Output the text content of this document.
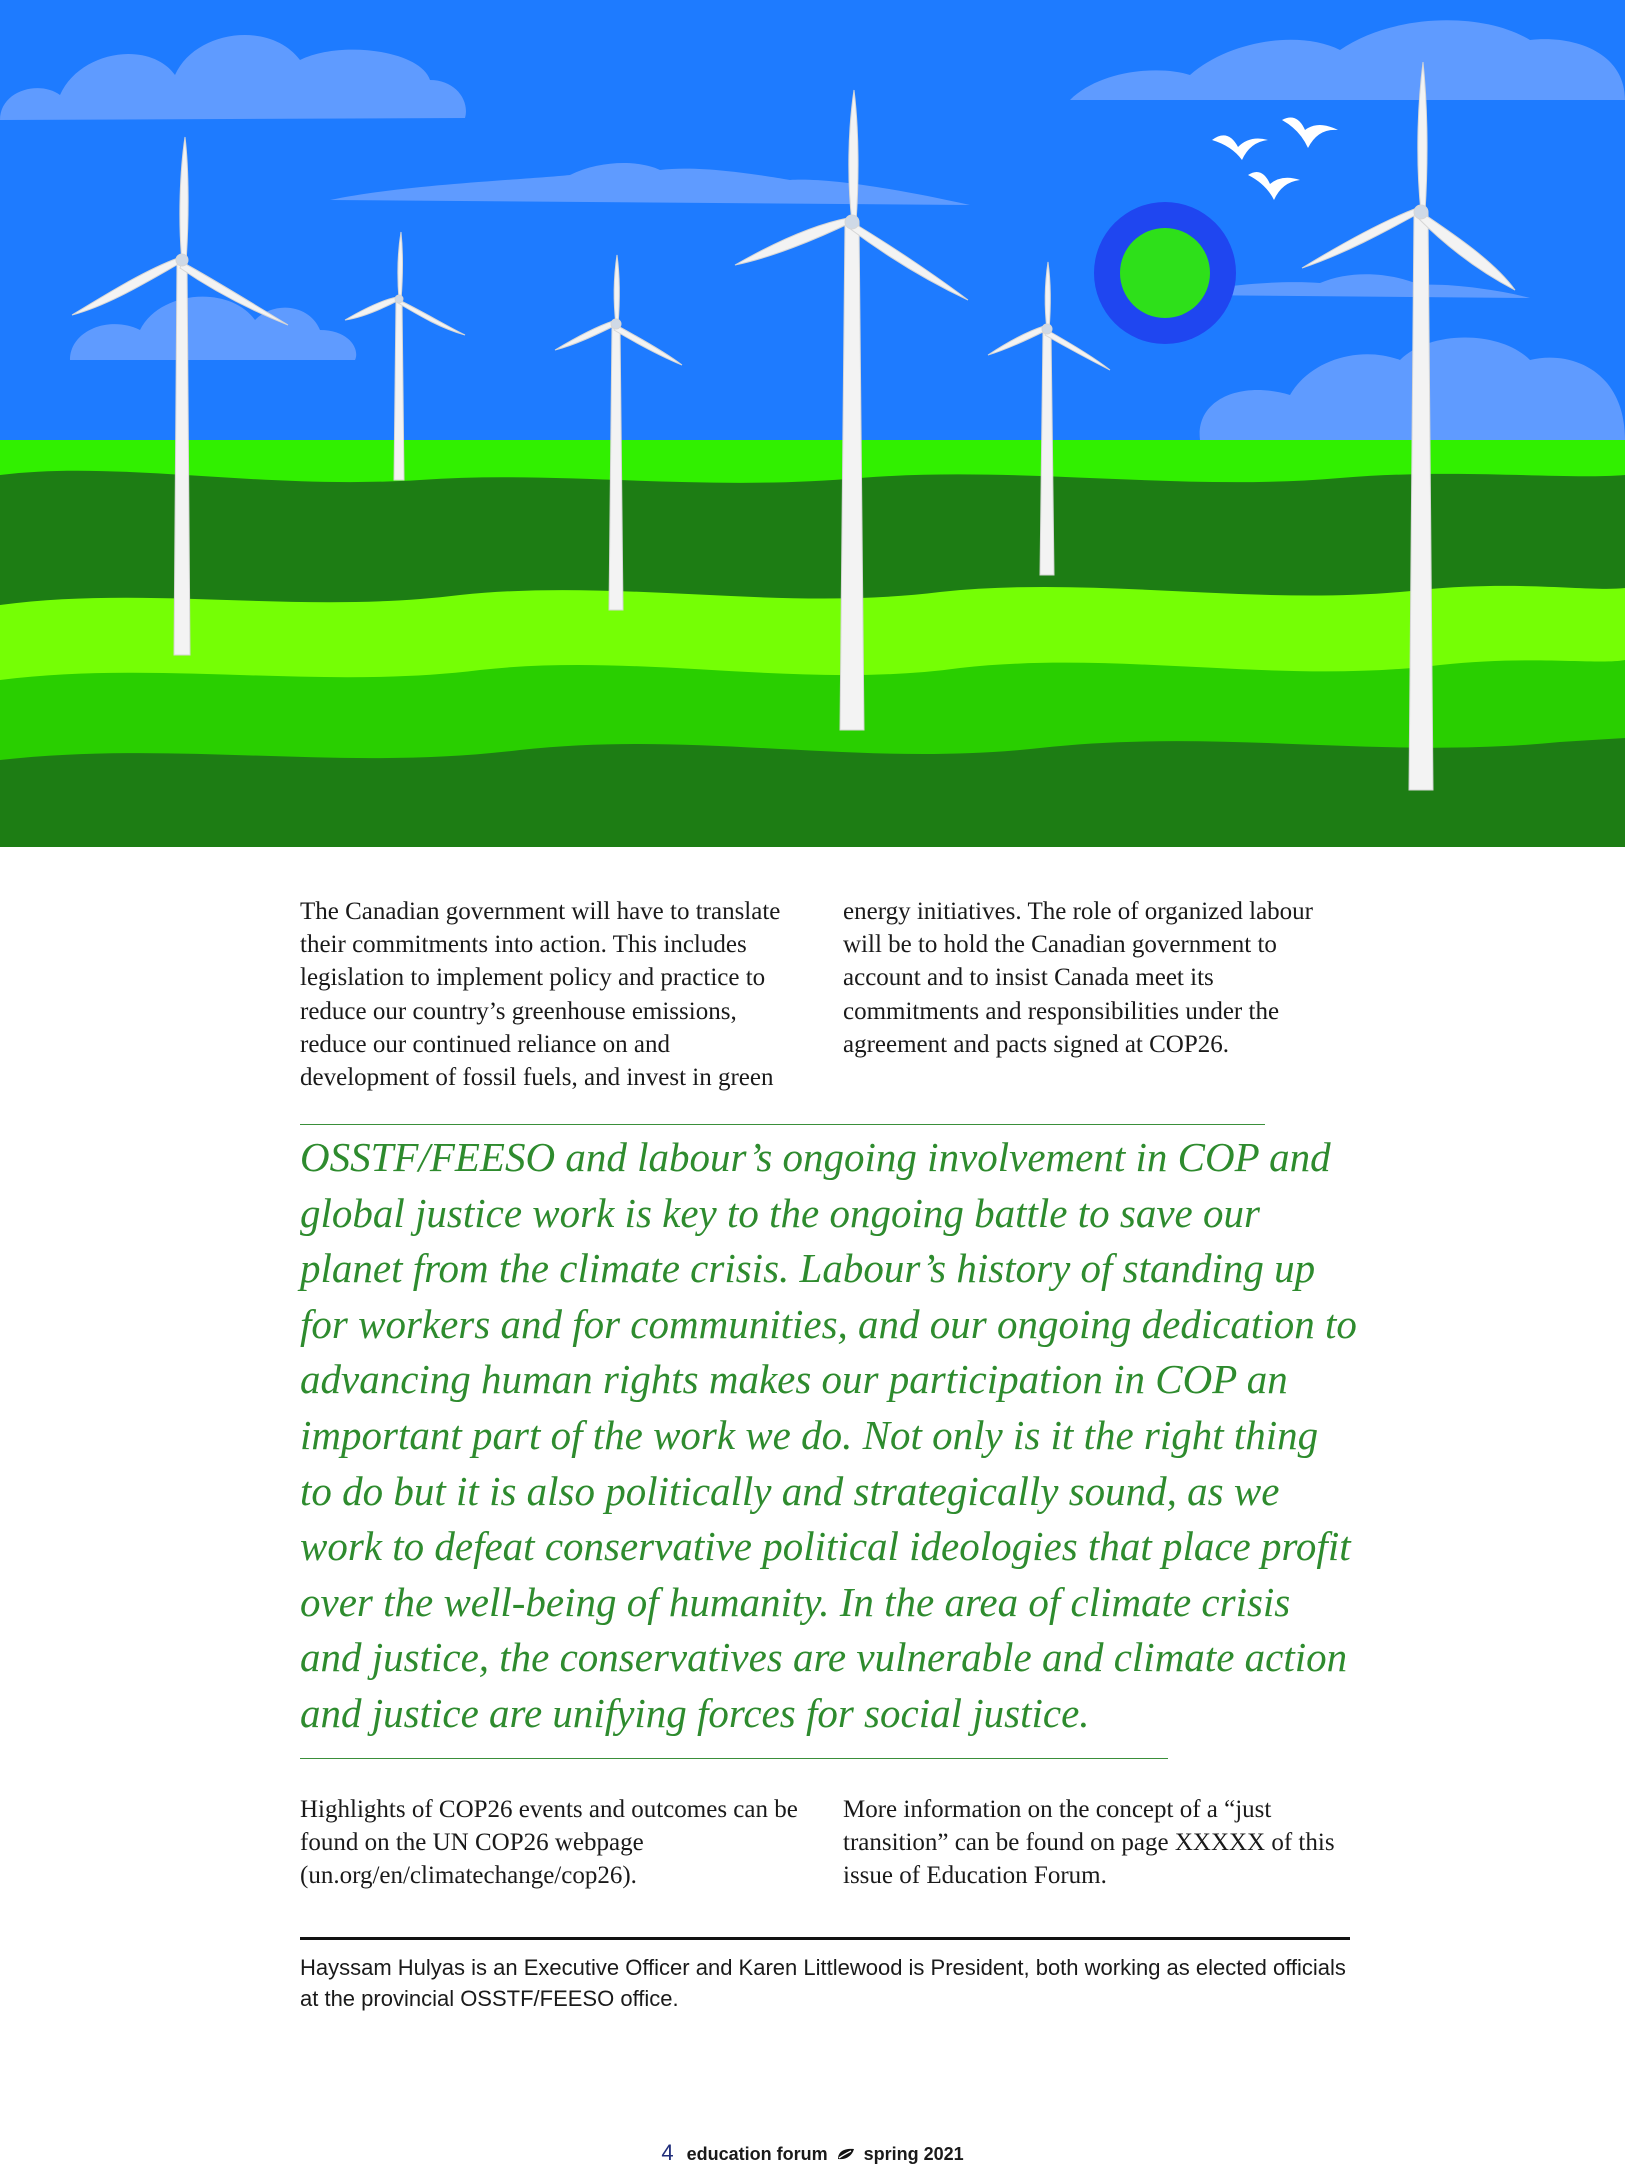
The Canadian government will have to translate their commitments into action. This includes legislation to implement policy and practice to reduce our country’s greenhouse emissions, reduce our continued reliance on and development of fossil fuels, and invest in green

energy initiatives. The role of organized labour will be to hold the Canadian government to account and to insist Canada meet its commitments and responsibilities under the agreement and pacts signed at COP26.

OSSTF/FEESO and labour’s ongoing involvement in COP and global justice work is key to the ongoing battle to save our planet from the climate crisis. Labour’s history of standing up for workers and for communities, and our ongoing dedication to advancing human rights makes our participation in COP an important part of the work we do. Not only is it the right thing to do but it is also politically and strategically sound, as we work to defeat conservative political ideologies that place profit over the well-being of humanity. In the area of climate crisis and justice, the conservatives are vulnerable and climate action and justice are unifying forces for social justice.

Highlights of COP26 events and outcomes can be found on the UN COP26 webpage (un.org/en/climatechange/cop26).

More information on the concept of a “just transition” can be found on page XXXXX of this issue of Education Forum.

Hayssam Hulyas is an Executive Officer and Karen Littlewood is President, both working as elected officials at the provincial OSSTF/FEESO office.

4 education forum spring 2021
